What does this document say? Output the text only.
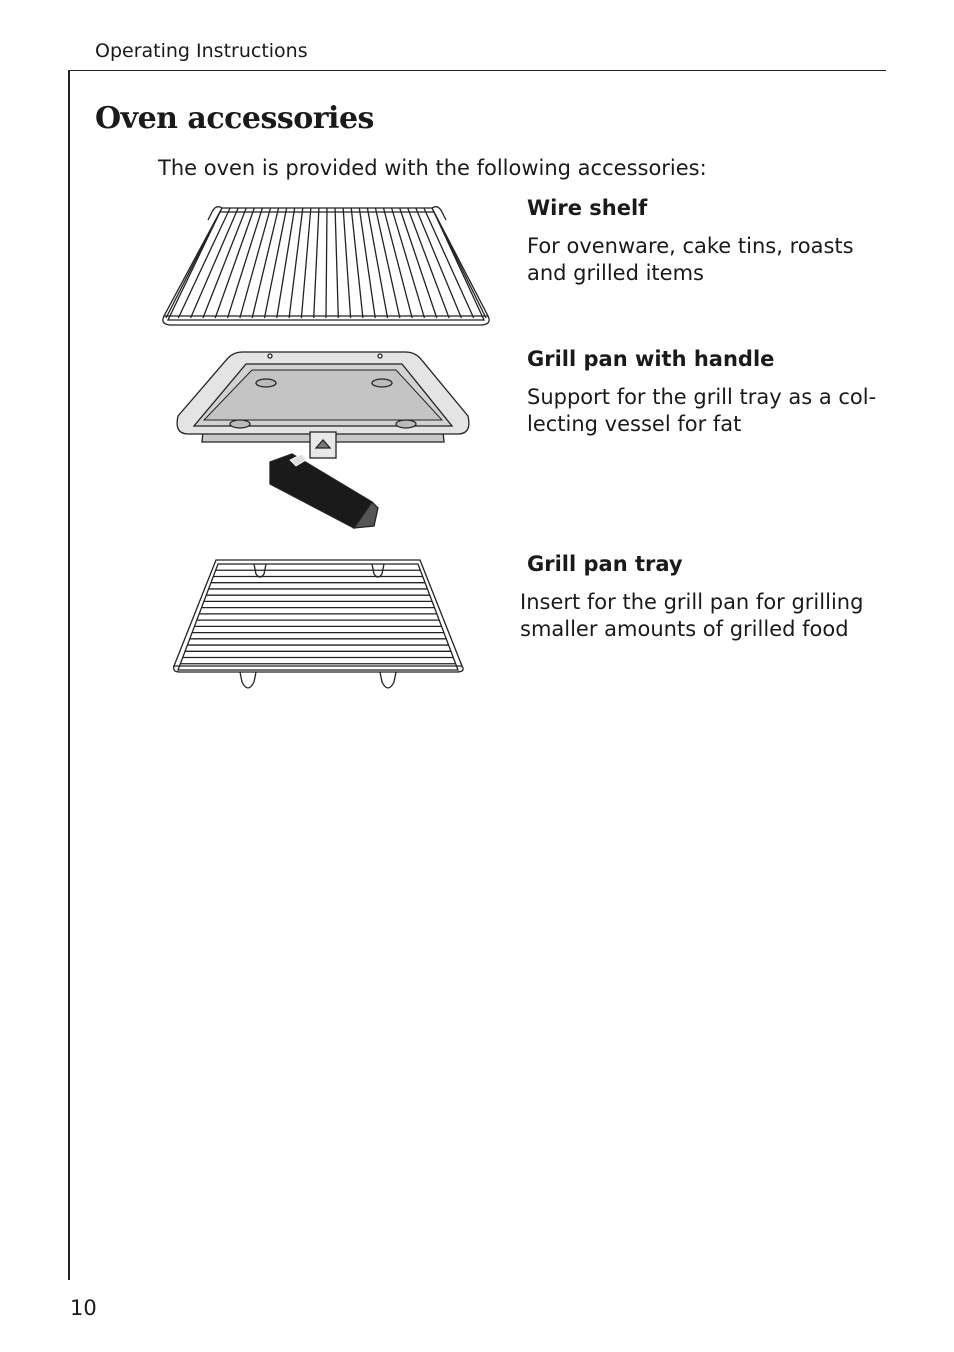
Operating Instructions
Oven accessories

The oven is provided with the following accessories:

Wire shelf

For ovenware, cake tins, roasts
and grilled items

Grill pan with handle

Support for the grill tray as a col-
lecting vessel for fat

Grill pan tray

Insert for the grill pan for grilling
smaller amounts of grilled food

10
